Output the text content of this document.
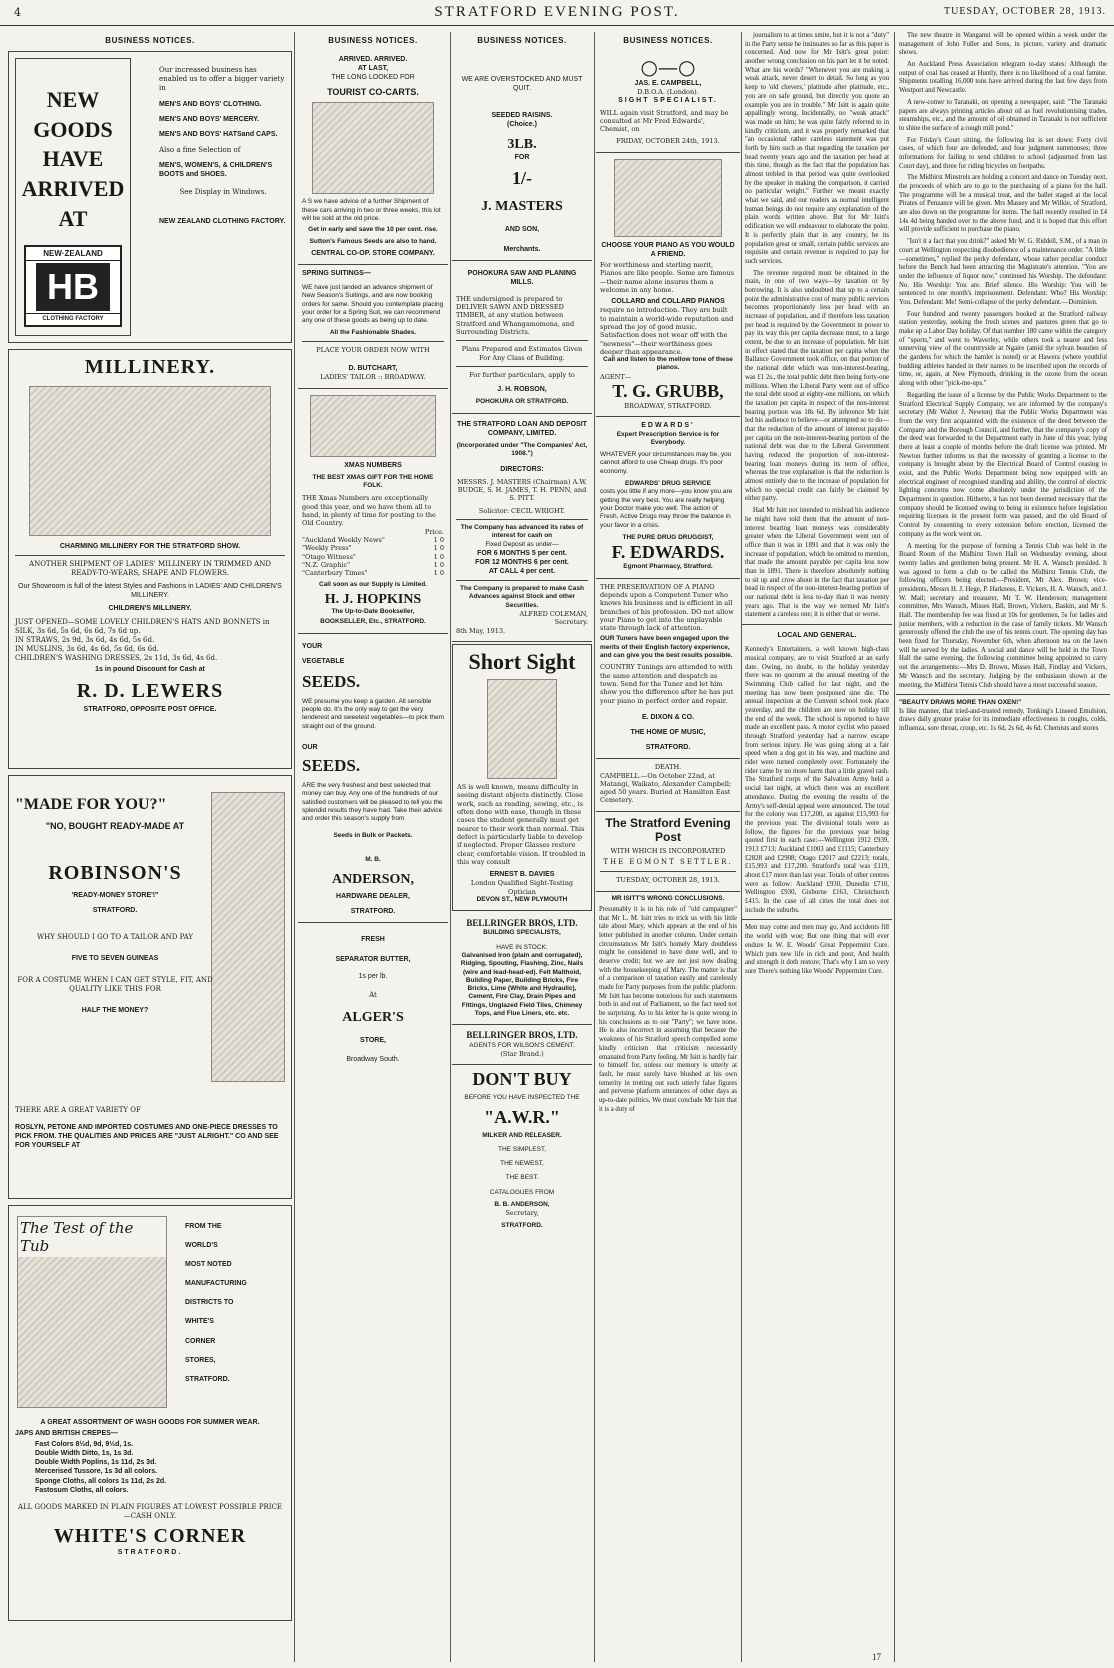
4	STRATFORD EVENING POST.	TUESDAY, OCTOBER 28, 1913.
BUSINESS NOTICES.
NEW GOODS HAVE ARRIVED AT
NEW·ZEALAND
HB
CLOTHING FACTORY
Our increased business has enabled us to offer a bigger variety in
MEN'S AND BOYS' CLOTHING.
MEN'S AND BOYS' MERCERY.
MEN'S AND BOYS' HATSand CAPS.
Also a fine Selection of
MEN'S, WOMEN'S, & CHILDREN'S BOOTS and SHOES.
See Display in Windows.
NEW ZEALAND CLOTHING FACTORY.
MILLINERY.
CHARMING MILLINERY FOR THE STRATFORD SHOW.
ANOTHER SHIPMENT OF LADIES' MILLINERY IN TRIMMED AND READY-TO-WEARS, SHAPE AND FLOWERS.
Our Showroom is full of the latest Styles and Fashions in LADIES' AND CHILDREN'S MILLINERY.
CHILDREN'S MILLINERY.
JUST OPENED—SOME LOVELY CHILDREN'S HATS AND BONNETS in SILK, 3s 6d, 5s 6d, 6s 6d, 7s 6d up.
IN STRAWS, 2s 9d, 3s 6d, 4s 6d, 5s 6d.
IN MUSLINS, 3s 6d, 4s 6d, 5s 6d, 6s 6d.
CHILDREN'S WASHING DRESSES, 2s 11d, 3s 6d, 4s 6d.
1s in pound Discount for Cash at
R. D. LEWERS
STRATFORD, OPPOSITE POST OFFICE.
"MADE FOR YOU?"
"NO, BOUGHT READY-MADE AT
ROBINSON'S
'READY-MONEY STORE'!"
STRATFORD.
WHY SHOULD I GO TO A TAILOR AND PAY
FIVE TO SEVEN GUINEAS
FOR A COSTUME WHEN I CAN GET STYLE, FIT, AND QUALITY LIKE THIS FOR
HALF THE MONEY?
THERE ARE A GREAT VARIETY OF
ROSLYN, PETONE AND IMPORTED COSTUMES AND ONE-PIECE DRESSES TO PICK FROM. THE QUALITIES AND PRICES ARE "JUST ALRIGHT." CO AND SEE FOR YOURSELF AT
The Test of the Tub
FROM THE
WORLD'S
MOST NOTED
MANUFACTURING
DISTRICTS TO
WHITE'S
CORNER
STORES,
STRATFORD.
A GREAT ASSORTMENT OF WASH GOODS FOR SUMMER WEAR.
JAPS AND BRITISH CREPES—
Fast Colors 8½d, 9d, 9½d, 1s.
Double Width Ditto, 1s, 1s 3d.
Double Width Poplins, 1s 11d, 2s 3d.
Mercerised Tussore, 1s 3d all colors.
Sponge Cloths, all colors 1s 11d, 2s 2d.
Fastosum Cloths, all colors.
ALL GOODS MARKED IN PLAIN FIGURES AT LOWEST POSSIBLE PRICE—CASH ONLY.
WHITE'S CORNER
STRATFORD.
BUSINESS NOTICES.
ARRIVED. ARRIVED.
AT LAST,
THE LONG LOOKED FOR
TOURIST CO-CARTS.
A S we have advice of a further Shipment of these cars arriving in two or three weeks, this lot will be sold at the old price.
Get in early and save the 10 per cent. rise.
Sutton's Famous Seeds are also to hand.
CENTRAL CO-OP. STORE COMPANY.
SPRING SUITINGS—
WE have just landed an advance shipment of New Season's Suitings, and are now booking orders for same. Should you contemplate placing your order for a Spring Suit, we can recommend any one of these goods as being up to date.
All the Fashionable Shades.
PLACE YOUR ORDER NOW WITH
D. BUTCHART,
LADIES' TAILOR :: BROADWAY.
XMAS NUMBERS
THE BEST XMAS GIFT FOR THE HOME FOLK.
THE Xmas Numbers are exceptionally good this year, and we have them all to hand, in plenty of time for posting to the Old Country.
Price.
"Auckland Weekly News"	1 0
"Weekly Press"	1 0
"Otago Witness"	1 0
"N.Z. Graphic"	1 0
"Canterbury Times"	1 0
Call soon as our Supply is Limited.
H. J. HOPKINS
The Up-to-Date Bookseller,
BOOKSELLER, Etc., STRATFORD.
YOUR
VEGETABLE
SEEDS.
WE presume you keep a garden. All sensible people do. It's the only way to get the very tenderest and sweetest vegetables—to pick them straight out of the ground.
OUR
SEEDS.
ARE the very freshest and best selected that money can buy. Any one of the hundreds of our satisfied customers will be pleased to tell you the splendid results they have had. Take their advice and order this season's supply from
Seeds in Bulk or Packets.
M. B.
ANDERSON,
HARDWARE DEALER,
STRATFORD.
FRESH
SEPARATOR BUTTER,
1s per lb.
At
ALGER'S
STORE,
Broadway South.
BUSINESS NOTICES.
WE ARE OVERSTOCKED AND MUST QUIT.
SEEDED RAISINS.
(Choice.)
3LB.
FOR
1/-
J. MASTERS
AND SON,
Merchants.
POHOKURA SAW AND PLANING MILLS.
THE undersigned is prepared to DELIVER SAWN AND DRESSED TIMBER, at any station between Stratford and Whangamomona, and Surrounding Districts.
Plans Prepared and Estimates Given For Any Class of Building.
For further particulars, apply to
J. H. ROBSON,
POHOKURA OR STRATFORD.
THE STRATFORD LOAN AND DEPOSIT COMPANY, LIMITED.
(Incorporated under "The Companies' Act, 1908.")
DIRECTORS:
MESSRS. J. MASTERS (Chairman) A.W. BUDGE, S. H. JAMES, T. H. PENN, and S. PITT.
Solicitor: CECIL WRIGHT.
The Company has advanced its rates of interest for cash on
Fixed Deposit as under—
FOR 6 MONTHS 5 per cent.
FOR 12 MONTHS 6 per cent.
AT CALL 4 per cent.
The Company is prepared to make Cash Advances against Stock and other Securities.
ALFRED COLEMAN,
Secretary.
8th May, 1913.
Short Sight
AS is well known, means difficulty in seeing distant objects distinctly. Close work, such as reading, sewing, etc., is often done with ease, though in these cases the student generally must get nearer to their work than normal. This defect is particularly liable to develop if neglected. Proper Glasses restore clear, comfortable vision. If troubled in this way consult
ERNEST B. DAVIES
London Qualified Sight-Testing Optician
DEVON ST., NEW PLYMOUTH
BELLRINGER BROS, LTD.
BUILDING SPECIALISTS,
HAVE IN STOCK:
Galvanised Iron (plain and corrugated), Ridging, Spouting, Flashing, Zinc, Nails (wire and lead-head-ed). Felt Malthoid, Building Paper, Building Bricks, Fire Bricks, Lime (White and Hydraulic), Cement, Fire Clay, Drain Pipes and Fittings, Unglazed Field Tiles, Chimney Tops, and Flue Liners, etc. etc.
BELLRINGER BROS, LTD.
AGENTS FOR WILSON'S CEMENT.
(Star Brand.)
DON'T BUY
BEFORE YOU HAVE INSPECTED THE
"A.W.R."
MILKER AND RELEASER.
THE SIMPLEST,
THE NEWEST,
THE BEST.
CATALOGUES FROM
B. B. ANDERSON,
Secretary,
STRATFORD.
BUSINESS NOTICES.
○—○
JAS. E. CAMPBELL,
D.B.O.A. (London).
SIGHT SPECIALIST.
WILL again visit Stratford, and may be consulted at Mr Fred Edwards', Chemist, on
FRIDAY, OCTOBER 24th, 1913.
CHOOSE YOUR PIANO AS YOU WOULD A FRIEND.
For worthiness and sterling merit, Pianos are like people. Some are famous—their name alone insures them a welcome in any home.
COLLARD and COLLARD PIANOS
require no introduction. They are built to maintain a world-wide reputation and spread the joy of good music. Satisfaction does not wear off with the "newness"—their worthiness goes deeper than appearance.
Call and listen to the mellow tone of these pianos.
AGENT—
T. G. GRUBB,
BROADWAY, STRATFORD.
EDWARDS'
Expert Prescription Service is for Everybody.
WHATEVER your circumstances may be, you cannot afford to use Cheap drugs. It's poor economy.
EDWARDS' DRUG SERVICE
costs you little if any more—you know you are getting the very best. You are really helping your Doctor make you well. The action of Fresh, Active Drugs may throw the balance in your favor in a crisis.
THE PURE DRUG DRUGGIST,
F. EDWARDS.
Egmont Pharmacy, Stratford.
THE PRESERVATION OF A PIANO depends upon a Competent Tuner who knows his business and is efficient in all branches of his profession. DO not allow your Piano to get into the unplayable state through lack of attention.
OUR Tuners have been engaged upon the merits of their English factory experience, and can give you the best results possible.
COUNTRY Tunings are attended to with the same attention and despatch as town. Send for the Tuner and let him show you the difference after he has put your piano in perfect order and repair.
E. DIXON & CO.
THE HOME OF MUSIC,
STRATFORD.
DEATH.
CAMPBELL.—On October 22nd, at Matangi, Waikato, Alexander Campbell; aged 50 years. Buried at Hamilton East Cemetery.
The Stratford Evening Post
WITH WHICH IS INCORPORATED
THE EGMONT SETTLER.
TUESDAY, OCTOBER 28, 1913.
MR ISITT'S WRONG CONCLUSIONS.
Presumably it is in his role of "old campaigner" that Mr L. M. Isitt tries to trick us with his little tale about Mary, which appears at the end of his letter published in another column. Under certain circumstances Mr Isitt's homely Mary doubtless might be considered to have done well, and to deserve credit; but we are not just now dealing with the housekeeping of Mary. The matter is that of a comparison of taxation easily and carelessly made for Party purposes from the public platform. Mr Isitt has become notorious for such statements both in and out of Parliament, so the fact need not be surprising. As to his letter he is quite wrong in his conclusions as to our "Party"; we have none. He is also incorrect in assuming that because the weakness of his Stratford speech compelled some kindly criticism that criticism necessarily emanated from Party feeling. Mr Isitt is hardly fair to himself for, unless our memory is utterly at fault, he must surely have blushed at his own temerity in trotting out such utterly false figures and perverse platform utterances of other days as up-to-date politics. We must conclude Mr Isitt that it is a duty of

journalism to at times smite, but it is not a "duty" in the Party sense he insinuates so far as this paper is concerned. And now for Mr Isitt's great point: another wrong conclusion on his part let it be noted. What are his words? "Whenever you are making a weak attack, never desert to detail. So long as you keep to 'old chevers,' platitude after platitude, etc., you are on safe ground, but directly you quote an example you are in trouble." Mr Isitt is again quite appallingly wrong. Incidentally, no "weak attack" was made on him; he was quite fairly referred to in kindly criticism, and it was properly remarked that "an occasional rather careless statement was put forth by him such as that regarding the taxation per head twenty years ago and the taxation per head at this time, though as the fact that the population has almost trebled in that period was quite overlooked by the speaker in making the comparison, it carried no particular weight." Further we meant exactly what we said, and our readers as normal intelligent human beings do not require any explanation of the plain words written above. But for Mr Isitt's edification we will endeavour to elaborate the point. It is perfectly plain that in any country, be its population great or small, certain public services are requisite and certain revenue is required to pay for such services.

The revenue required must be obtained in the main, in one of two ways—by taxation or by borrowing. It is also undoubted that up to a certain point the administrative cost of many public services becomes proportionately less per head with an increase of population, and if therefore less taxation per head is required by the Government in power to pay its way this per capita decrease must, to a large extent, be due to an increase of population. Mr Isitt in effect stated that the taxation per capita when the Ballance Government took office, on that portion of the national debt which was non-interest-bearing, was £1 2s., the total public debt then being forty-one millions. When the Liberal Party went out of office the total debt stood at eighty-one millions, on which the taxation per capita in respect of the non-interest bearing portion was 18s 6d. By inference Mr Isitt led his audience to believe—or attempted so to do—that the reduction of the amount of interest payable per capita on the non-interest-bearing portion of the national debt was due to the Liberal Government having reduced the proportion of non-interest-bearing loan moneys during its term of office, whereas the true explanation is that the reduction is almost entirely due to the increase of population for which no special credit can fairly be claimed by either party.

Had Mr Isitt not intended to mislead his audience he might have told them that the amount of non-interest bearing loan moneys was considerably greater when the Liberal Government went out of office than it was in 1891 and that it was only the increase of population, which he omitted to mention, that made the amount payable per capita less now than in 1891. There is therefore absolutely nothing to sit up and crow about in the fact that taxation per head in respect of the non-interest-bearing portion of our national debt is less to-day than it was twenty years ago. That is the way we termed Mr Isitt's statement a careless one; it is either that or worse.

LOCAL AND GENERAL.
Kennedy's Entertainers, a well known high-class musical company, are to visit Stratford at an early date. Owing, no doubt, to the holiday yesterday there was no quorum at the annual meeting of the Swimming Club called for last night, and the meeting has now been postponed sine die. The annual inspection at the Convent school took place yesterday, and the children are now on holiday till the end of the week. The school is reported to have made an excellent pass. A motor cyclist who passed through Stratford yesterday had a narrow escape from serious injury. He was going along at a fair speed when a dog got in his way, and machine and rider were turned completely over. Fortunately the rider came by no more harm than a little gravel rash. The Stratford corps of the Salvation Army held a social last night, at which there was an excellent attendance. During the evening the results of the Army's self-denial appeal were announced. The total for the colony was £17,200, as against £15,993 for the previous year. The divisional totals were as follow, the figures for the previous year being quoted first in each case:—Wellington 1912 £939, 1913 £713; Auckland £1003 and £1115; Canterbury £2828 and £2908; Otago £2017 and £2213; totals, £15,993 and £17,200. Stratford's total was £119, about £17 more than last year. Totals of other centres were as follow: Auckland £930, Dunedin £710, Wellington £930, Gisborne £163, Christchurch £415. In the case of all cities the total does not include the suburbs.
Men may come and men may go, And accidents fill the world with woe; But one thing that will ever endure Is W. E. Woods' Great Peppermint Cure. Which puts new life in rich and poor, And health and strength it doth restore; That's why I am so very sure There's nothing like Woods' Peppermint Cure.

The new theatre in Wanganui will be opened within a week under the management of John Fuller and Sons, in picture, variety and dramatic shows.

An Auckland Press Association telegram to-day states: Although the output of coal has ceased at Huntly, there is no likelihood of a coal famine. Shipments totalling 16,000 tons have arrived during the last few days from Westport and Newcastle.

A new-comer to Taranaki, on opening a newspaper, said: "The Taranaki papers are always printing articles about oil as fuel revolutionising trades, steamships, etc., and the amount of oil obtained in Taranaki is not sufficient to shine the surface of a rough mill pond."

For Friday's Court sitting, the following list is set down: Forty civil cases, of which four are defended, and four judgment summonses; three informations for failing to send children to school (adjourned from last Court day), and three for riding bicycles on footpaths.

The Midhirst Minstrels are holding a concert and dance on Tuesday next, the proceeds of which are to go to the purchasing of a piano for the hall. The programme will be a musical treat, and the ballet staged at the local Pirates of Penzance will be given. Mrs Massey and Mr Wilkie, of Stratford, are also down on the programme for items. The hall recently resulted in £4 14s 4d being handed over to the above fund, and it is hoped that this effort will provide sufficient to purchase the piano.

"Isn't it a fact that you drink?" asked Mr W. G. Riddell, S.M., of a man in court at Wellington respecting disobedience of a maintenance order. "A little—sometimes," replied the perky defendant, whose rather peculiar conduct before the Bench had been attracting the Magistrate's attention. "You are under the influence of liquor now," continued his Worship. The defendant: No. His Worship: You are. Brief silence. His Worship: You will be sentenced to one month's imprisonment. Defendant: Who? His Worship: You. Defendant: Me! Semi-collapse of the perky defendant.—Dominion.

Four hundred and twenty passengers booked at the Stratford railway station yesterday, seeking the fresh scenes and pastures green that go to make up a Labor Day holiday. Of that number 180 came within the category of "sports," and went to Waverley, while others took a nearer and less unnerving view of the countryside at Ngaire (amid the sylvan beauties of the gardens for which the hamlet is noted) or at Hawera (where youthful budding athletes handed in their names to be inscribed upon the records of time, or, again, at New Plymouth, drinking in the ozone from the ocean along with other "pick-me-ups."

Regarding the issue of a license by the Public Works Department to the Stratford Electrical Supply Company, we are informed by the company's secretary (Mr Walter J. Newton) that the Public Works Department was from the very first acquainted with the existence of the deed between the Company and the Borough Council, and further, that the company's copy of the deed was forwarded to the Department early in June of this year, lying there at least a couple of months before the draft license was printed. Mr Newton further informs us that the necessity of granting a license to the company is brought about by the Electrical Board of Control ceasing to exist, and the Public Works Department being now equipped with an electrical engineer of recognised standing and ability, the control of electric lighting concerns now come absolutely under the jurisdiction of the Department in question. Hitherto, it has not been deemed necessary that the company should be licensed owing to being in existence before legislation requiring licenses in the present form was passed, and the old Board of Control by consenting to every extension before erection, licensed the company as the work went on.

A meeting for the purpose of forming a Tennis Club was held in the Board Room of the Midhirst Town Hall on Wednesday evening, about twenty ladies and gentlemen being present. Mr H. A. Wansch presided. It was agreed to form a club to be called the Midhirst Tennis Club, the following officers being elected:—President, Mr Alex. Brown; vice-presidents, Messrs H. J. Hege, P. Harkness, E. Vickers, H. A. Wansch, and J. W. Mail; secretary and treasurer, Mr T. W. Henderson; management committee, Mrs Wansch, Misses Hall, Brown, Vickers, Baskin, and Mr S. Hall. The membership fee was fixed at 10s for gentlemen, 5s for ladies and junior members, with a reduction in the case of family tickets. Mr Wansch generously offered the club the use of his tennis court. The opening day has been fixed for Thursday, November 6th, when afternoon tea on the lawn will be served by the ladies. A social and dance will be held in the Town Hall the same evening, the following committee being appointed to carry out the arrangements:—Mrs D. Brown, Misses Hall, Findlay and Vickers, Mr Wansch and the secretary. Judging by the enthusiasm shown at the meeting, the Midhirst Tennis Club should have a most successful season.

"BEAUTY DRAWS MORE THAN OXEN!"
Is like manner, that tried-and-trusted remedy, Tonking's Linseed Emulsion, draws daily greater praise for its immediate effectiveness in coughs, colds, influenza, sore throat, croup, etc. 1s 6d, 2s 6d, 4s 6d. Chemists and stores
17
